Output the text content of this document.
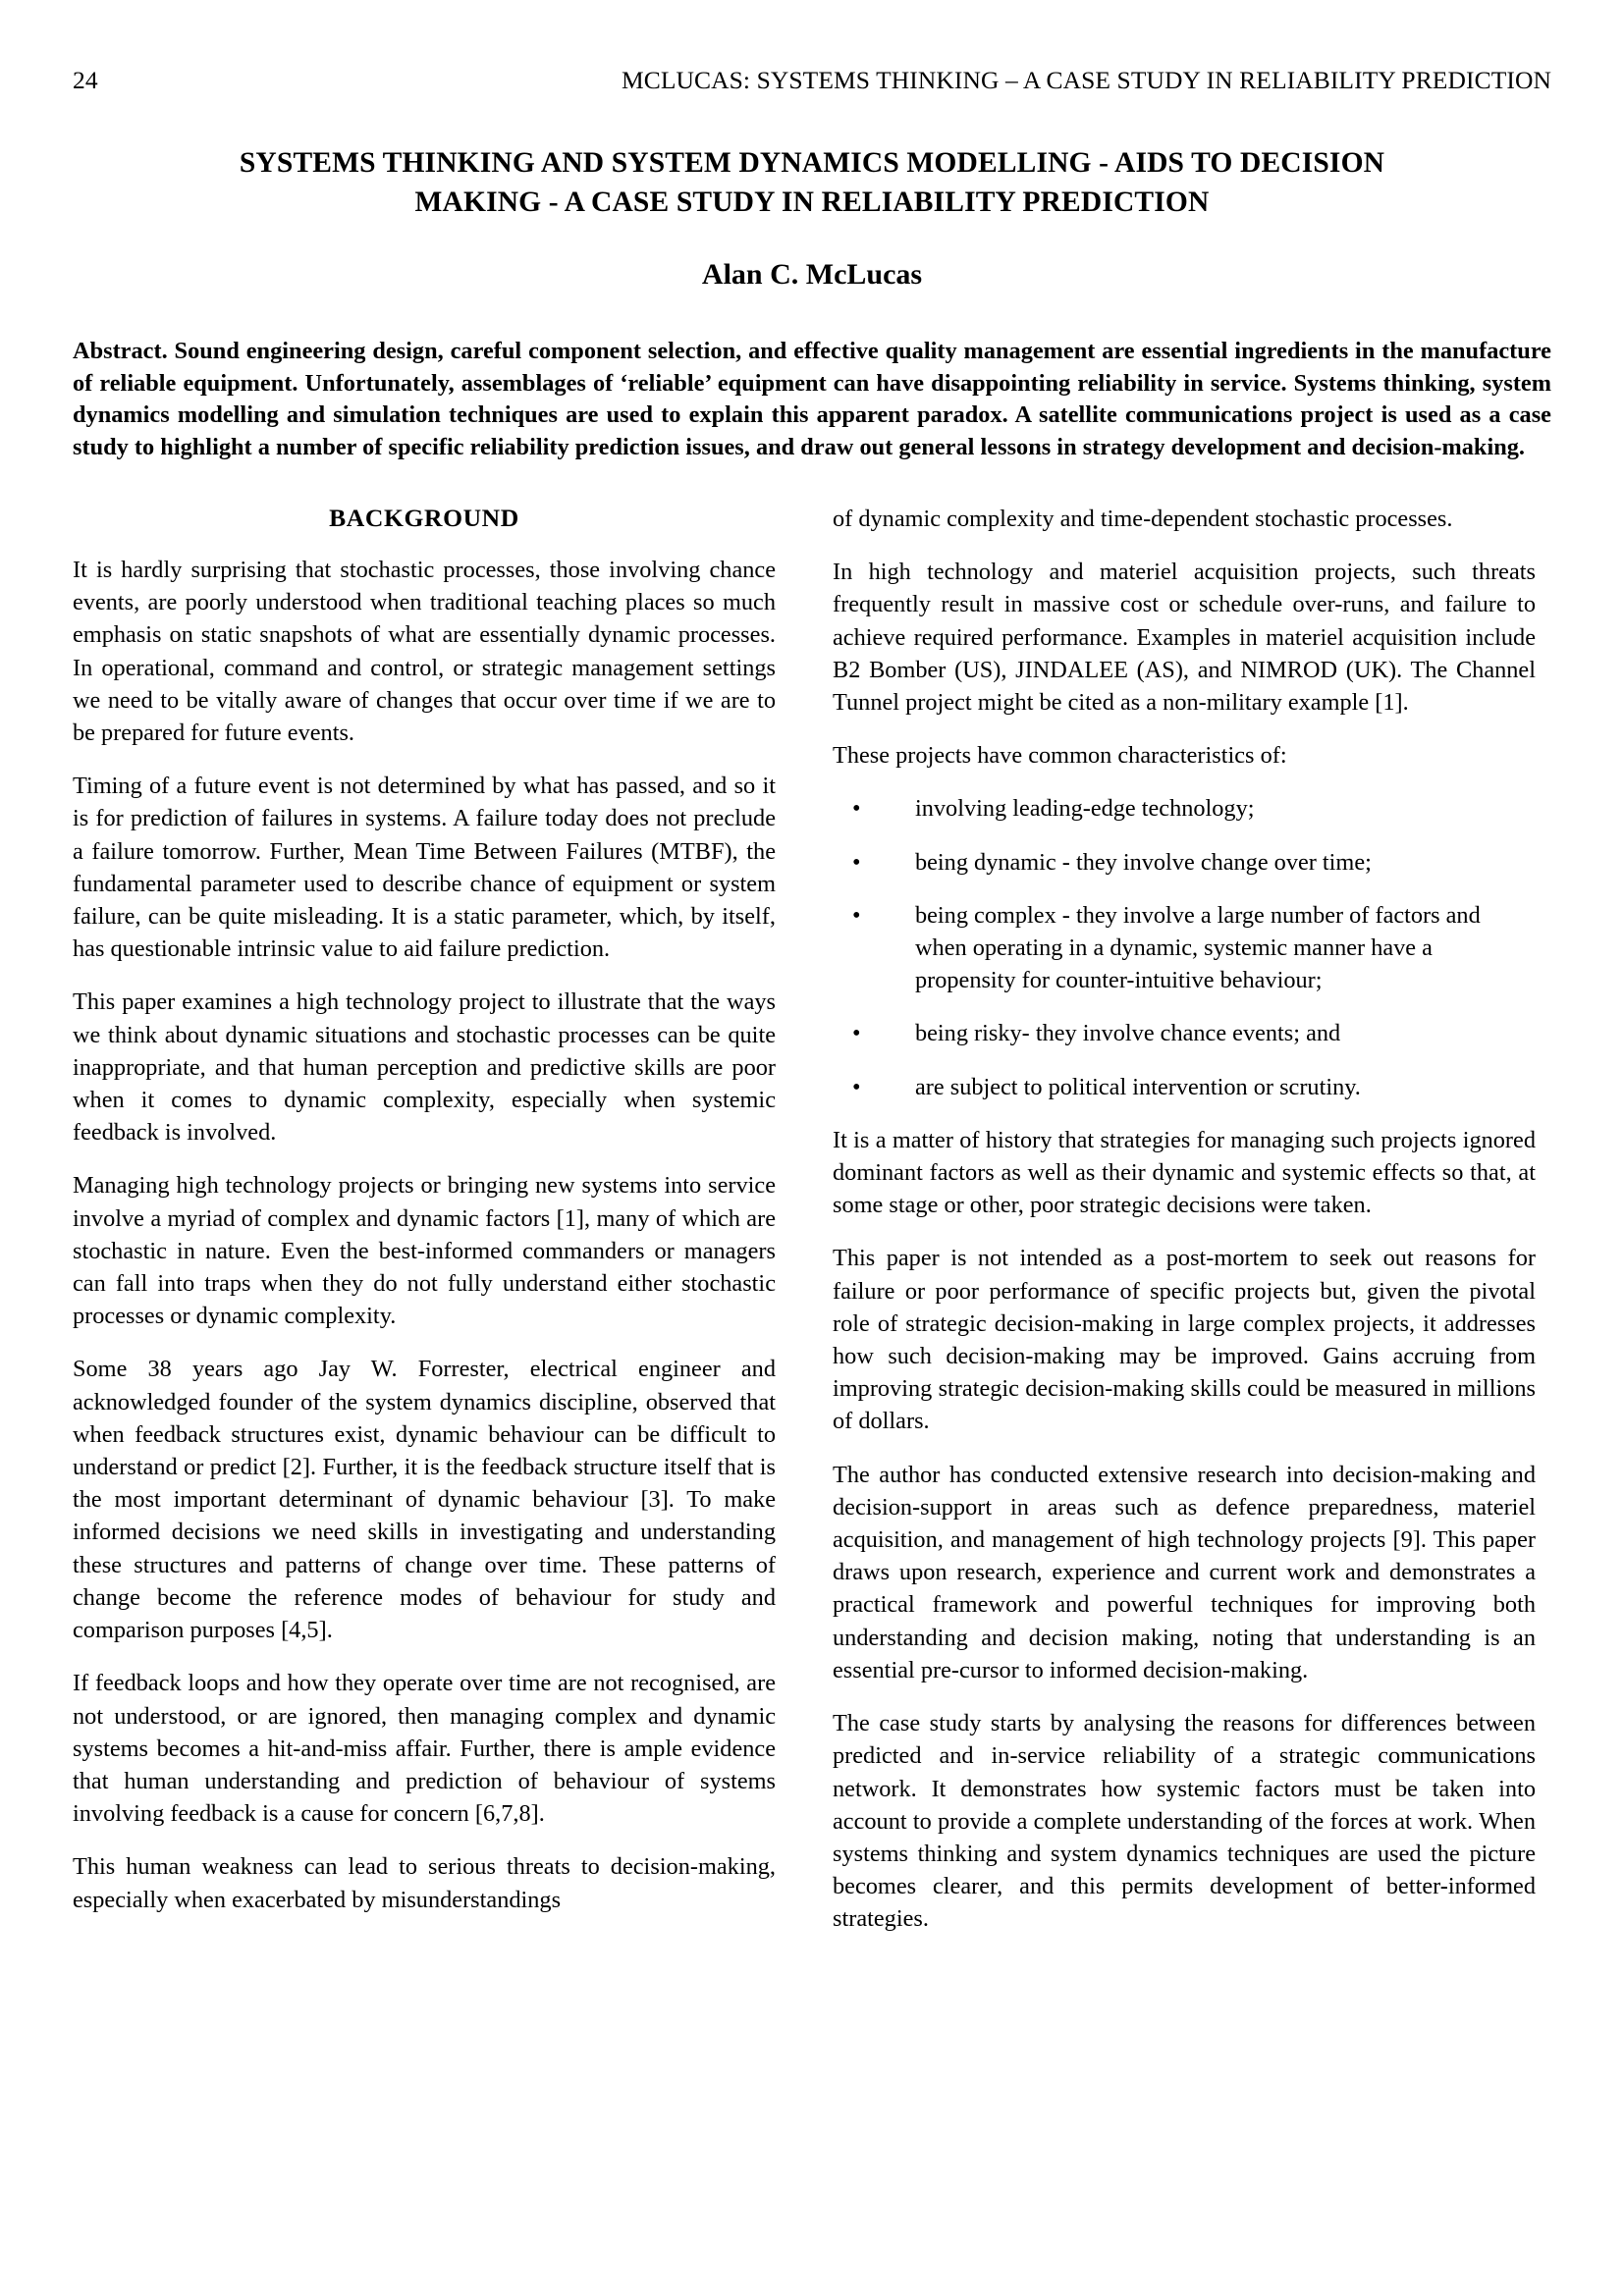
24	MCLUCAS: SYSTEMS THINKING – A CASE STUDY IN RELIABILITY PREDICTION
SYSTEMS THINKING AND SYSTEM DYNAMICS MODELLING - AIDS TO DECISION
MAKING - A CASE STUDY IN RELIABILITY PREDICTION
Alan C. McLucas
Abstract. Sound engineering design, careful component selection, and effective quality management are essential ingredients in the manufacture of reliable equipment. Unfortunately, assemblages of ‘reliable’ equipment can have disappointing reliability in service. Systems thinking, system dynamics modelling and simulation techniques are used to explain this apparent paradox. A satellite communications project is used as a case study to highlight a number of specific reliability prediction issues, and draw out general lessons in strategy development and decision-making.
BACKGROUND

It is hardly surprising that stochastic processes, those involving chance events, are poorly understood when traditional teaching places so much emphasis on static snapshots of what are essentially dynamic processes. In operational, command and control, or strategic management settings we need to be vitally aware of changes that occur over time if we are to be prepared for future events.

Timing of a future event is not determined by what has passed, and so it is for prediction of failures in systems. A failure today does not preclude a failure tomorrow. Further, Mean Time Between Failures (MTBF), the fundamental parameter used to describe chance of equipment or system failure, can be quite misleading. It is a static parameter, which, by itself, has questionable intrinsic value to aid failure prediction.

This paper examines a high technology project to illustrate that the ways we think about dynamic situations and stochastic processes can be quite inappropriate, and that human perception and predictive skills are poor when it comes to dynamic complexity, especially when systemic feedback is involved.

Managing high technology projects or bringing new systems into service involve a myriad of complex and dynamic factors [1], many of which are stochastic in nature. Even the best-informed commanders or managers can fall into traps when they do not fully understand either stochastic processes or dynamic complexity.

Some 38 years ago Jay W. Forrester, electrical engineer and acknowledged founder of the system dynamics discipline, observed that when feedback structures exist, dynamic behaviour can be difficult to understand or predict [2]. Further, it is the feedback structure itself that is the most important determinant of dynamic behaviour [3]. To make informed decisions we need skills in investigating and understanding these structures and patterns of change over time. These patterns of change become the reference modes of behaviour for study and comparison purposes [4,5].

If feedback loops and how they operate over time are not recognised, are not understood, or are ignored, then managing complex and dynamic systems becomes a hit-and-miss affair. Further, there is ample evidence that human understanding and prediction of behaviour of systems involving feedback is a cause for concern [6,7,8].

This human weakness can lead to serious threats to decision-making, especially when exacerbated by misunderstandings

of dynamic complexity and time-dependent stochastic processes.

In high technology and materiel acquisition projects, such threats frequently result in massive cost or schedule over-runs, and failure to achieve required performance. Examples in materiel acquisition include B2 Bomber (US), JINDALEE (AS), and NIMROD (UK). The Channel Tunnel project might be cited as a non-military example [1].

These projects have common characteristics of:

• involving leading-edge technology;
• being dynamic - they involve change over time;
• being complex - they involve a large number of factors and when operating in a dynamic, systemic manner have a propensity for counter-intuitive behaviour;
• being risky- they involve chance events; and
• are subject to political intervention or scrutiny.

It is a matter of history that strategies for managing such projects ignored dominant factors as well as their dynamic and systemic effects so that, at some stage or other, poor strategic decisions were taken.

This paper is not intended as a post-mortem to seek out reasons for failure or poor performance of specific projects but, given the pivotal role of strategic decision-making in large complex projects, it addresses how such decision-making may be improved. Gains accruing from improving strategic decision-making skills could be measured in millions of dollars.

The author has conducted extensive research into decision-making and decision-support in areas such as defence preparedness, materiel acquisition, and management of high technology projects [9]. This paper draws upon research, experience and current work and demonstrates a practical framework and powerful techniques for improving both understanding and decision making, noting that understanding is an essential pre-cursor to informed decision-making.

The case study starts by analysing the reasons for differences between predicted and in-service reliability of a strategic communications network. It demonstrates how systemic factors must be taken into account to provide a complete understanding of the forces at work. When systems thinking and system dynamics techniques are used the picture becomes clearer, and this permits development of better-informed strategies.
